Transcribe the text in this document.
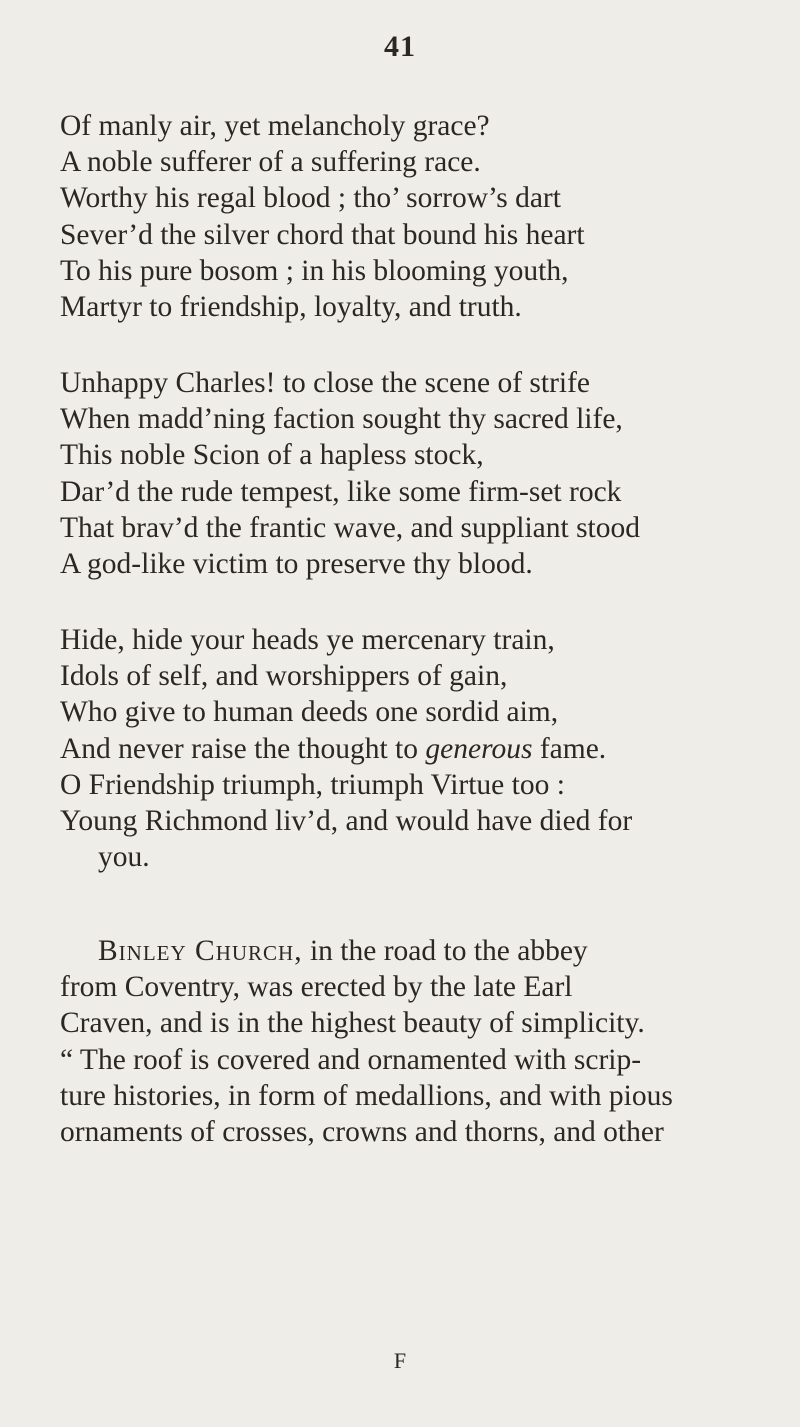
41
Of manly air, yet melancholy grace?
A noble sufferer of a suffering race.
Worthy his regal blood ; tho’ sorrow’s dart
Sever’d the silver chord that bound his heart
To his pure bosom ; in his blooming youth,
Martyr to friendship, loyalty, and truth.
Unhappy Charles! to close the scene of strife
When madd’ning faction sought thy sacred life,
This noble Scion of a hapless stock,
Dar’d the rude tempest, like some firm-set rock
That brav’d the frantic wave, and suppliant stood
A god-like victim to preserve thy blood.
Hide, hide your heads ye mercenary train,
Idols of self, and worshippers of gain,
Who give to human deeds one sordid aim,
And never raise the thought to generous fame.
O Friendship triumph, triumph Virtue too :
Young Richmond liv’d, and would have died for
you.
Binley Church, in the road to the abbey
from Coventry, was erected by the late Earl
Craven, and is in the highest beauty of simplicity.
“ The roof is covered and ornamented with scrip-
ture histories, in form of medallions, and with pious
ornaments of crosses, crowns and thorns, and other
F
